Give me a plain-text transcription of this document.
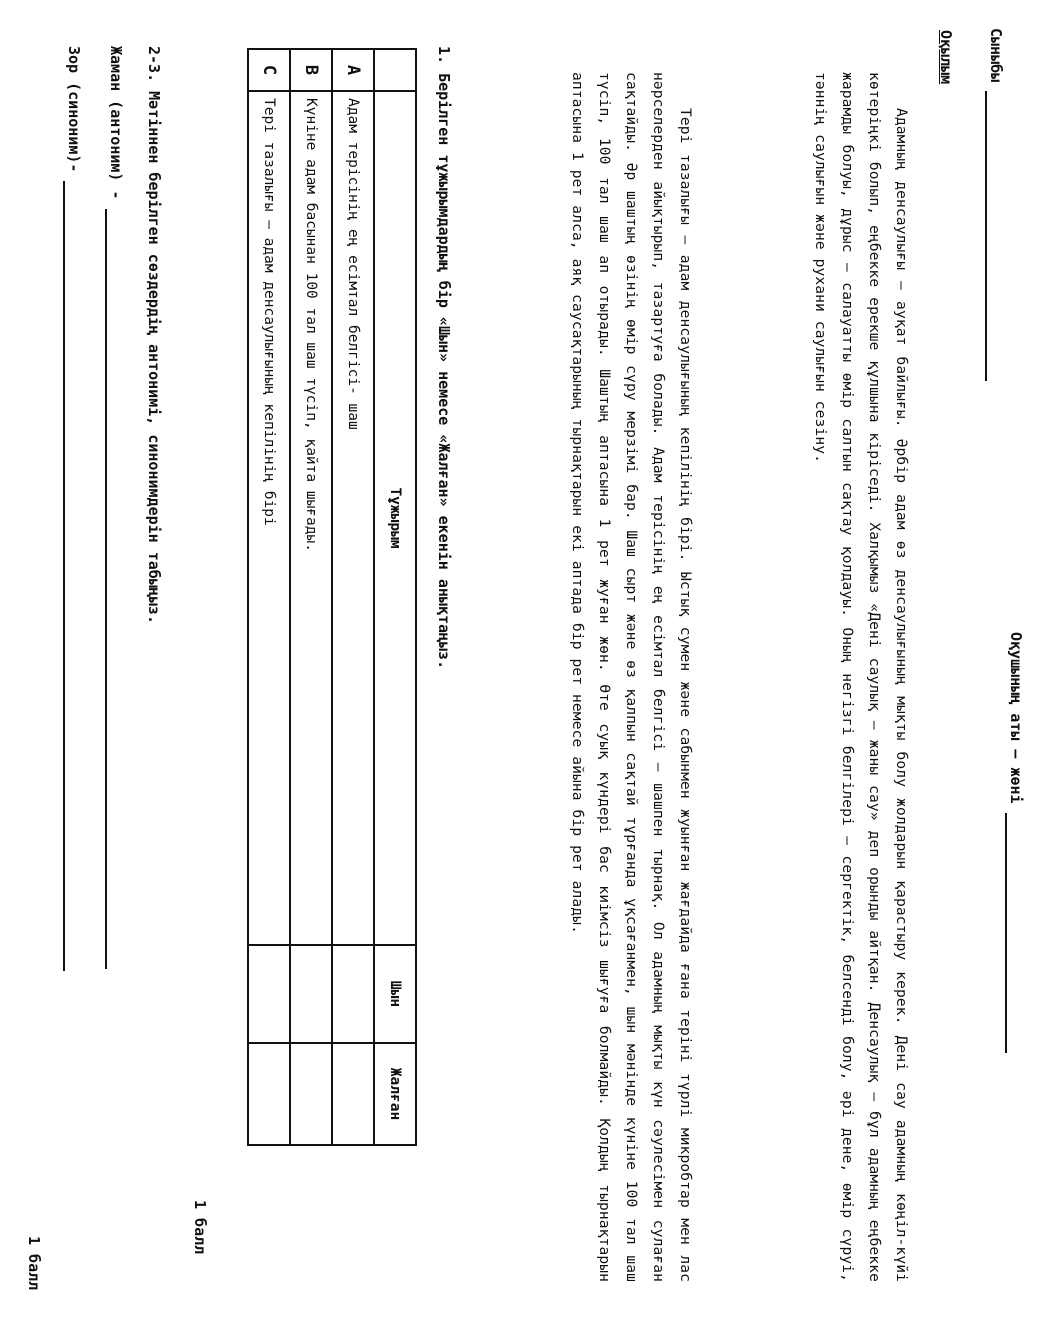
Оқушының аты – жөні
Сыныбы
Оқылым
Адамның денсаулығы – ауқат байлығы. Әрбір адам өз денсаулығының мықты болу жолдарын қарастыру керек. Дені сау адамның көңіл-күйі көтеріңкі болып, еңбекке ерекше құлшына кіріседі. Халқымыз «Дені саулық – жаны сау» деп орынды айтқан. Денсаулық – бұл адамның еңбекке жарамды болуы, дұрыс – салауатты өмір салтын сақтау қолдауы. Оның негізгі белгілері – сергектік, белсенді болу, әрі дене, өмір сүруі, тәннің саулығын және рухани саулығын сезіну.
Тері тазалығы – адам денсаулығының кепілінің бірі. Ыстық сумен және сабынмен жуынған жағдайда ғана теріні түрлі микробтар мен лас нәрселерден айықтырып, тазартуға болады. Адам терісінің ең есімтал белгісі – шашпен тырнақ. Ол адамның мықты күн сәулесімен сулаған сақтайды. Әр шаштың өзінің өмір сүру мерзімі бар. Шаш сырт және өз қалпын сақтай тұрғанда ұқсағанмен, шын мәнінде күніне 100 тал шаш түсіп, 100 тал шаш ап отырады. Шаштың аптасына 1 рет жуған жөн. Өте суық күндері бас киімсіз шығуға болмайды. Қолдың тырнақтарын аптасына 1 рет алса, аяқ саусақтарының тырнақтарын екі аптада бір рет немесе айына бір рет алады.
1. Берілген тұжырымдардың бір «Шын» немесе «Жалған» екенін анықтаңыз.
	Тұжырым	Шын	Жалған
A	Адам терісінің ең есімтал белгісі- шаш		
B	Күнiне адам басынан 100 тал шаш түсіп, қайта шығады.		
C	Терi тазалығы – адам денсаулығының кепiлiнiң бiрi		
1 балл
2-3. Мәтіннен берілген сөздердің антонимі, синонимдерін табыңыз.
Жаман (антоним) -
Зор (синоним)-
1 балл
